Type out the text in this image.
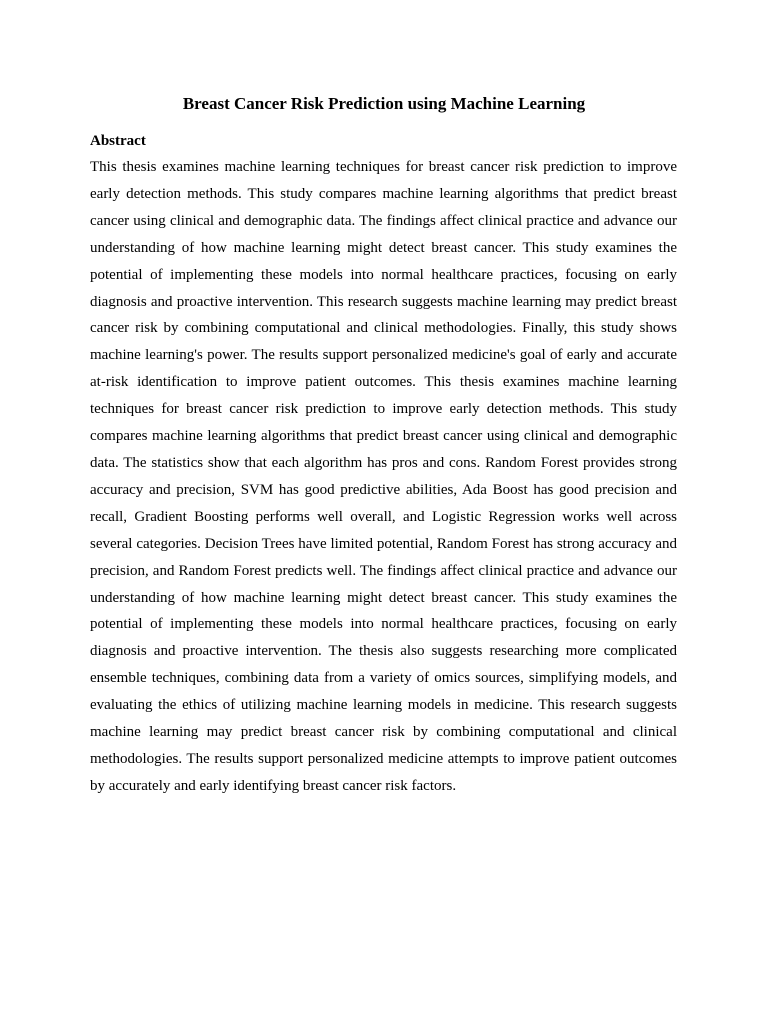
Breast Cancer Risk Prediction using Machine Learning
Abstract

This thesis examines machine learning techniques for breast cancer risk prediction to improve early detection methods. This study compares machine learning algorithms that predict breast cancer using clinical and demographic data. The findings affect clinical practice and advance our understanding of how machine learning might detect breast cancer. This study examines the potential of implementing these models into normal healthcare practices, focusing on early diagnosis and proactive intervention. This research suggests machine learning may predict breast cancer risk by combining computational and clinical methodologies. Finally, this study shows machine learning's power. The results support personalized medicine's goal of early and accurate at-risk identification to improve patient outcomes. This thesis examines machine learning techniques for breast cancer risk prediction to improve early detection methods. This study compares machine learning algorithms that predict breast cancer using clinical and demographic data. The statistics show that each algorithm has pros and cons. Random Forest provides strong accuracy and precision, SVM has good predictive abilities, Ada Boost has good precision and recall, Gradient Boosting performs well overall, and Logistic Regression works well across several categories. Decision Trees have limited potential, Random Forest has strong accuracy and precision, and Random Forest predicts well. The findings affect clinical practice and advance our understanding of how machine learning might detect breast cancer. This study examines the potential of implementing these models into normal healthcare practices, focusing on early diagnosis and proactive intervention. The thesis also suggests researching more complicated ensemble techniques, combining data from a variety of omics sources, simplifying models, and evaluating the ethics of utilizing machine learning models in medicine. This research suggests machine learning may predict breast cancer risk by combining computational and clinical methodologies. The results support personalized medicine attempts to improve patient outcomes by accurately and early identifying breast cancer risk factors.
